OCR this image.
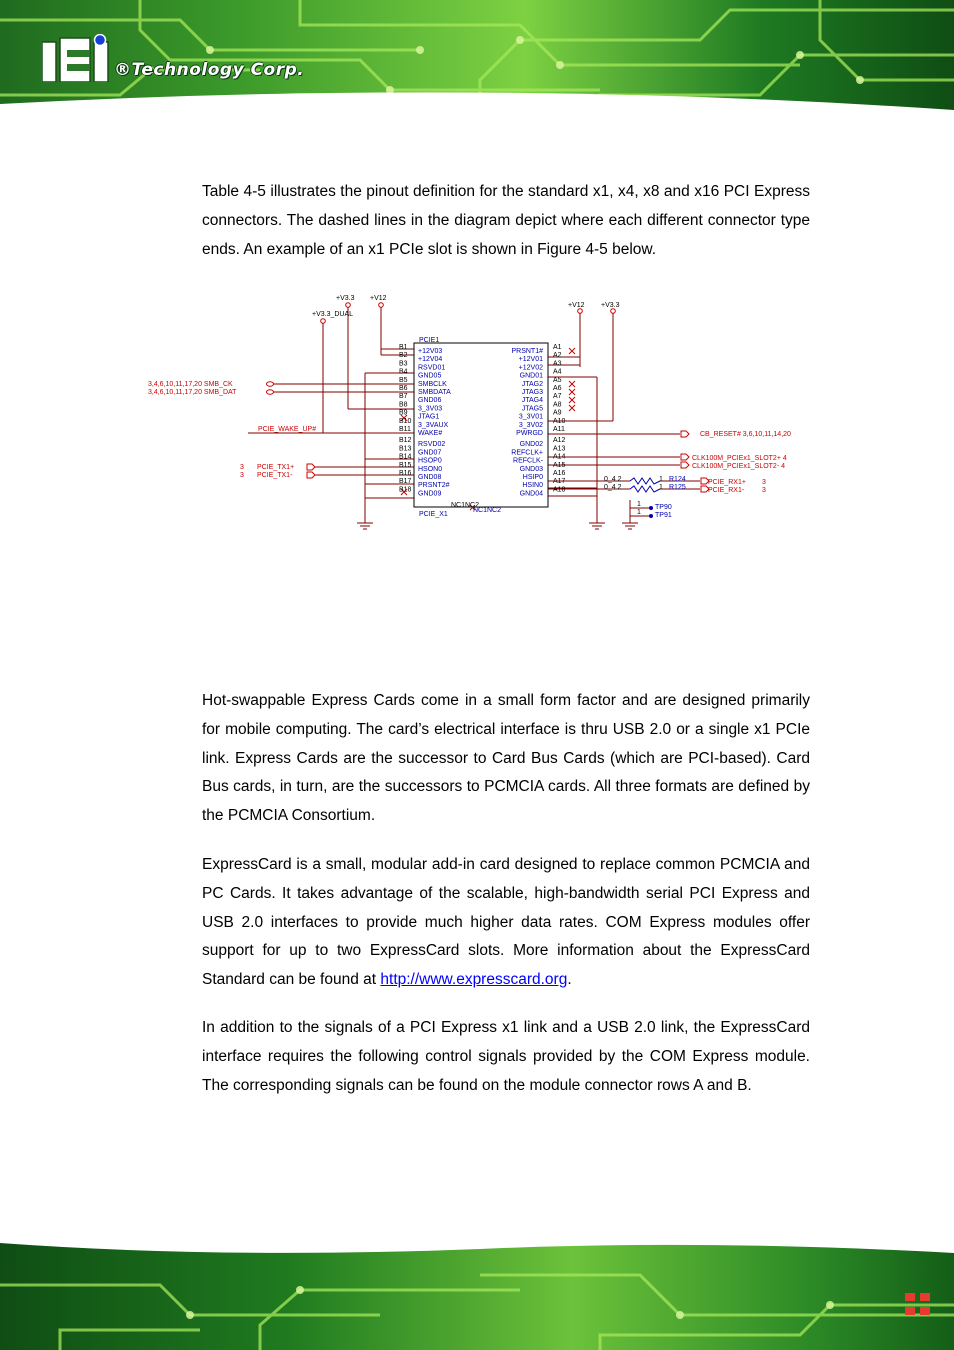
®Technology Corp.

Table 4-5 illustrates the pinout definition for the standard x1, x4, x8 and x16 PCI Express connectors. The dashed lines in the diagram depict where each different connector type ends. An example of an x1 PCIe slot is shown in Figure 4-5 below.

+V3.3 +V12
+V3.3_DUAL
+V12 +V3.3
PCIE1
PCIE_X1
NC1NC2
NC1NC2
B1
+12V03
B2
+12V04
B3
RSVD01
B4
GND05
B5
SMBCLK
B6
SMBDATA
B7
GND06
B8
3_3V03
B9
JTAG1
B10
3_3VAUX
B11
WAKE#
B12
RSVD02
B13
GND07
B14
HSOP0
B15
HSON0
B16
GND08
B17
PRSNT2#
B18
GND09
PRSNT1#
A1
+12V01
A2
+12V02
A3
GND01
A4
JTAG2
A5
JTAG3
A6
JTAG4
A7
JTAG5
A8
3_3V01
A9
3_3V02
A10
PWRGD
A11
GND02
A12
REFCLK+
A13
REFCLK-
A14
GND03
A15
HSIP0
A16
HSIN0
A17
GND04
A18
3,4,6,10,11,17,20 SMB_CK
3,4,6,10,11,17,20 SMB_DAT
PCIE_WAKE_UP#
3 PCIE_TX1+
3 PCIE_TX1-
CB_RESET# 3,6,10,11,14,20
CLK100M_PCIEx1_SLOT2+ 4
CLK100M_PCIEx1_SLOT2- 4
PCIE_RX1+ 3
PCIE_RX1-	3
0_4 2	1
0_4 2	1
1
1
R124
R125
TP90
TP91

Hot-swappable Express Cards come in a small form factor and are designed primarily for mobile computing. The card’s electrical interface is thru USB 2.0 or a single x1 PCIe link. Express Cards are the successor to Card Bus Cards (which are PCI-based). Card Bus cards, in turn, are the successors to PCMCIA cards. All three formats are defined by the PCMCIA Consortium.

ExpressCard is a small, modular add-in card designed to replace common PCMCIA and PC Cards. It takes advantage of the scalable, high-bandwidth serial PCI Express and USB 2.0 interfaces to provide much higher data rates. COM Express modules offer support for up to two ExpressCard slots. More information about the ExpressCard Standard can be found at http://www.expresscard.org.

In addition to the signals of a PCI Express x1 link and a USB 2.0 link, the ExpressCard interface requires the following control signals provided by the COM Express module. The corresponding signals can be found on the module connector rows A and B.
